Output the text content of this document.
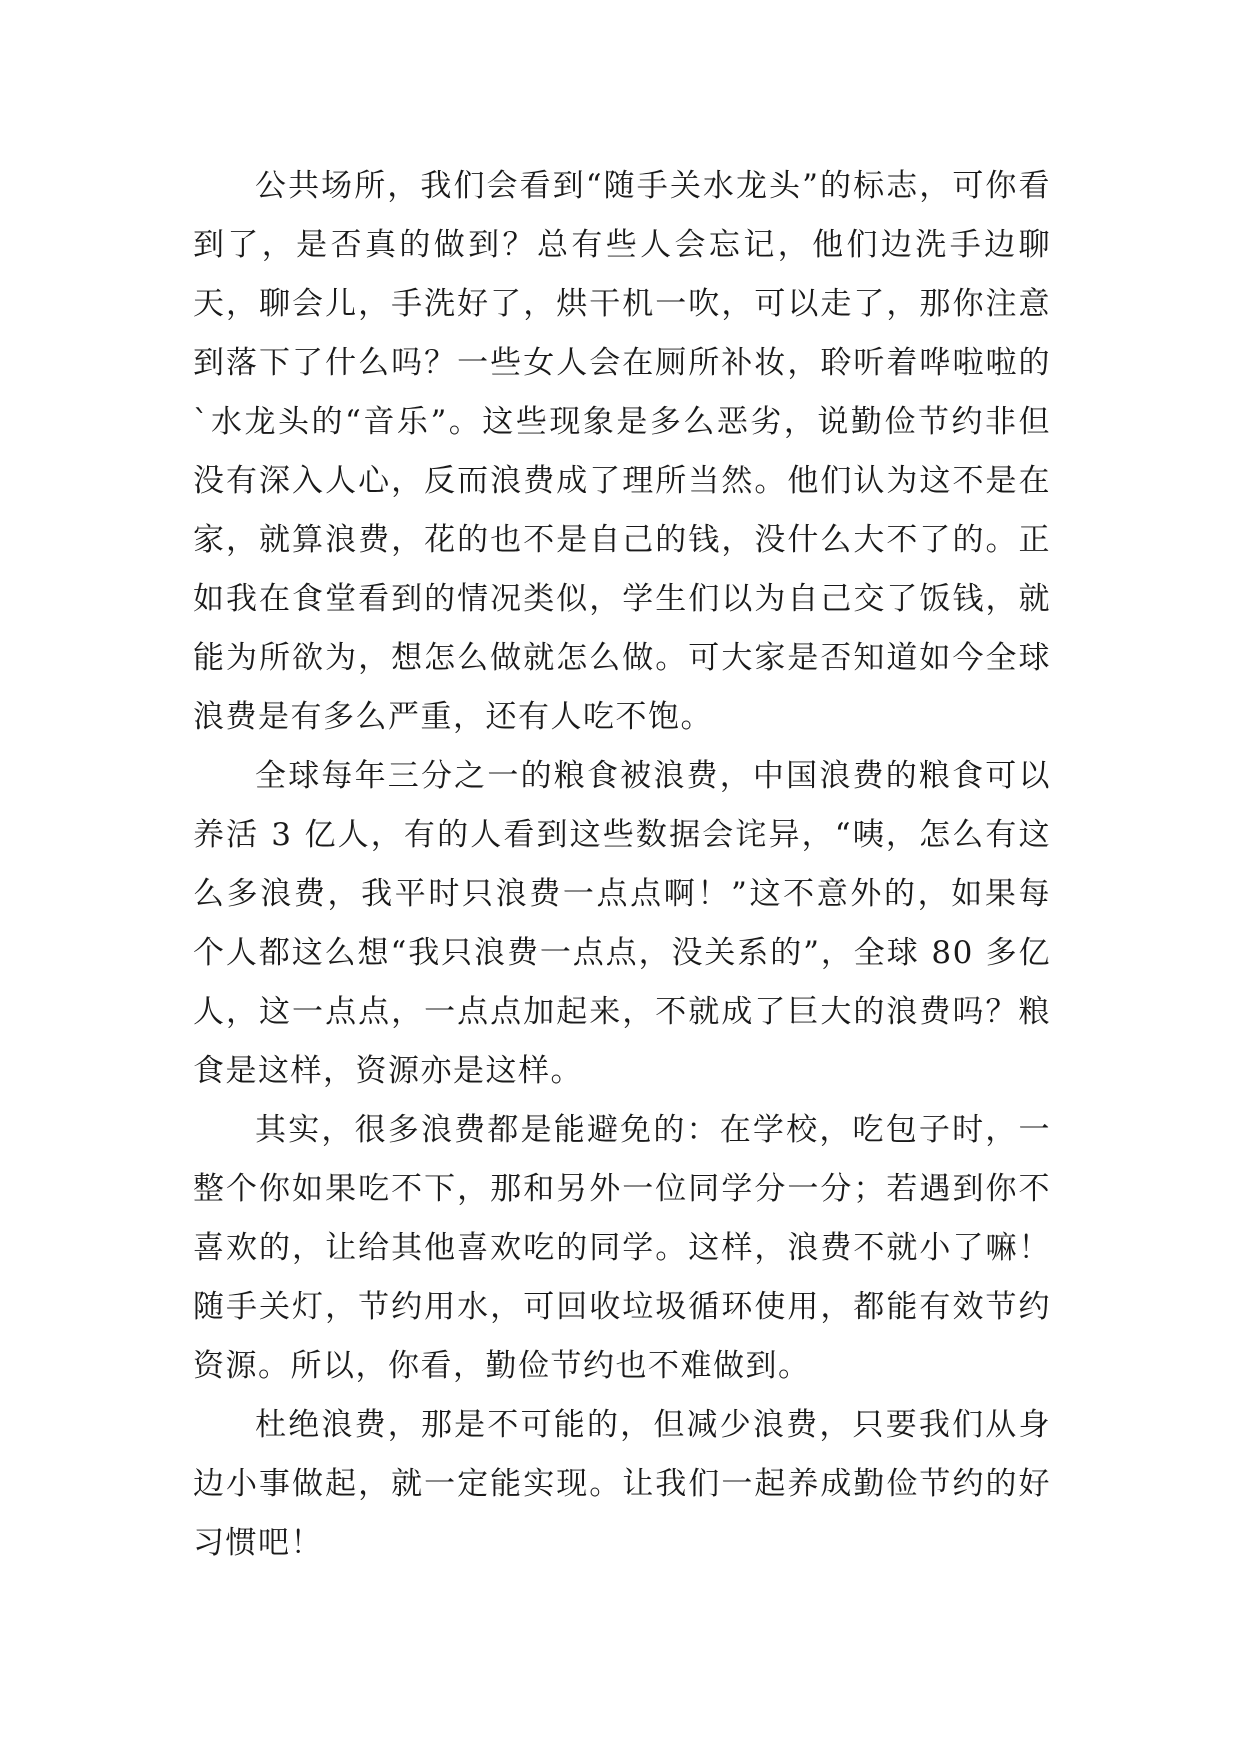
公共场所，我们会看到“随手关水龙头”的标志，可你看到了，是否真的做到？总有些人会忘记，他们边洗手边聊天，聊会儿，手洗好了，烘干机一吹，可以走了，那你注意到落下了什么吗？一些女人会在厕所补妆，聆听着哗啦啦的`水龙头的“音乐”。这些现象是多么恶劣，说勤俭节约非但没有深入人心，反而浪费成了理所当然。他们认为这不是在家，就算浪费，花的也不是自己的钱，没什么大不了的。正如我在食堂看到的情况类似，学生们以为自己交了饭钱，就能为所欲为，想怎么做就怎么做。可大家是否知道如今全球浪费是有多么严重，还有人吃不饱。

全球每年三分之一的粮食被浪费，中国浪费的粮食可以养活 3 亿人，有的人看到这些数据会诧异，“咦，怎么有这么多浪费，我平时只浪费一点点啊！”这不意外的，如果每个人都这么想“我只浪费一点点，没关系的”，全球 80 多亿人，这一点点，一点点加起来，不就成了巨大的浪费吗？粮食是这样，资源亦是这样。

其实，很多浪费都是能避免的：在学校，吃包子时，一整个你如果吃不下，那和另外一位同学分一分；若遇到你不喜欢的，让给其他喜欢吃的同学。这样，浪费不就小了嘛！随手关灯，节约用水，可回收垃圾循环使用，都能有效节约资源。所以，你看，勤俭节约也不难做到。

杜绝浪费，那是不可能的，但减少浪费，只要我们从身边小事做起，就一定能实现。让我们一起养成勤俭节约的好习惯吧！
